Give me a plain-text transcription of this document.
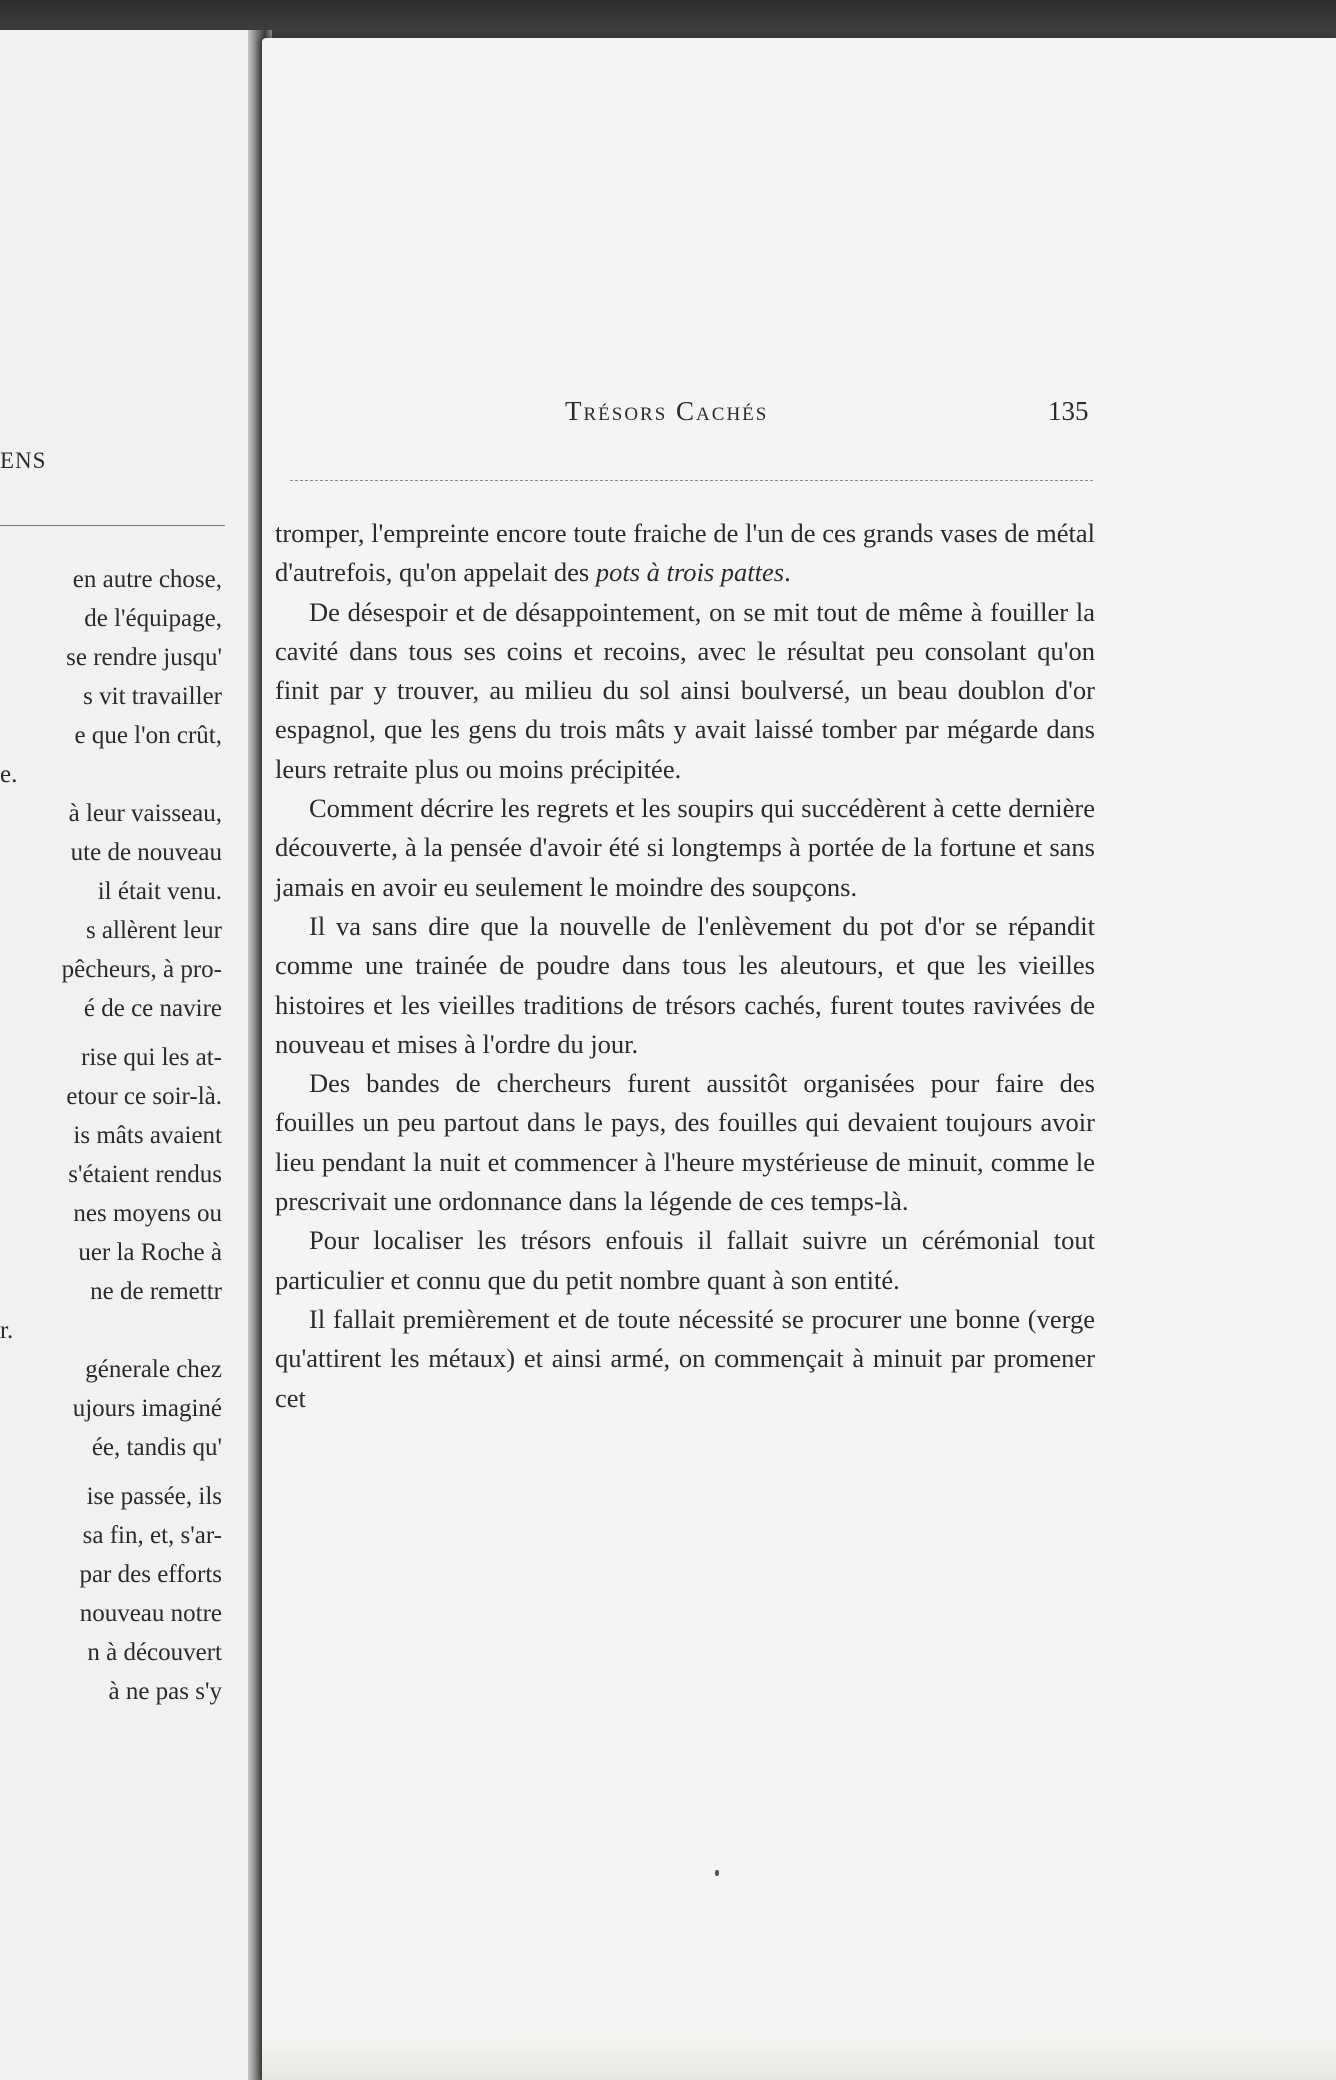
ENS
en autre chose,
de l'équipage,
se rendre jusqu'
s vit travailler
e que l'on crût,
e.
à leur vaisseau,
ute de nouveau
il était venu.
s allèrent leur
pêcheurs, à pro-
é de ce navire
rise qui les at-
etour ce soir-là.
is mâts avaient
s'étaient rendus
nes moyens ou
uer la Roche à
ne de remettr
r.
génerale chez
ujours imaginé
ée, tandis qu'
ise passée, ils
sa fin, et, s'ar-
par des efforts
nouveau notre
n à découvert
à ne pas s'y
Trésors Cachés	135

tromper, l'empreinte encore toute fraiche de l'un de ces grands vases de métal d'autrefois, qu'on appelait des pots à trois pattes.

De désespoir et de désappointement, on se mit tout de même à fouiller la cavité dans tous ses coins et recoins, avec le résultat peu consolant qu'on finit par y trouver, au milieu du sol ainsi boulversé, un beau doublon d'or espagnol, que les gens du trois mâts y avait laissé tomber par mégarde dans leurs retraite plus ou moins précipitée.

Comment décrire les regrets et les soupirs qui succédèrent à cette dernière découverte, à la pensée d'avoir été si longtemps à portée de la fortune et sans jamais en avoir eu seulement le moindre des soupçons.

Il va sans dire que la nouvelle de l'enlèvement du pot d'or se répandit comme une trainée de poudre dans tous les aleutours, et que les vieilles histoires et les vieilles traditions de trésors cachés, furent toutes ravivées de nouveau et mises à l'ordre du jour.

Des bandes de chercheurs furent aussitôt organisées pour faire des fouilles un peu partout dans le pays, des fouilles qui devaient toujours avoir lieu pendant la nuit et commencer à l'heure mystérieuse de minuit, comme le prescrivait une ordonnance dans la légende de ces temps-là.

Pour localiser les trésors enfouis il fallait suivre un cérémonial tout particulier et connu que du petit nombre quant à son entité.

Il fallait premièrement et de toute nécessité se procurer une bonne (verge qu'attirent les métaux) et ainsi armé, on commençait à minuit par promener cet
